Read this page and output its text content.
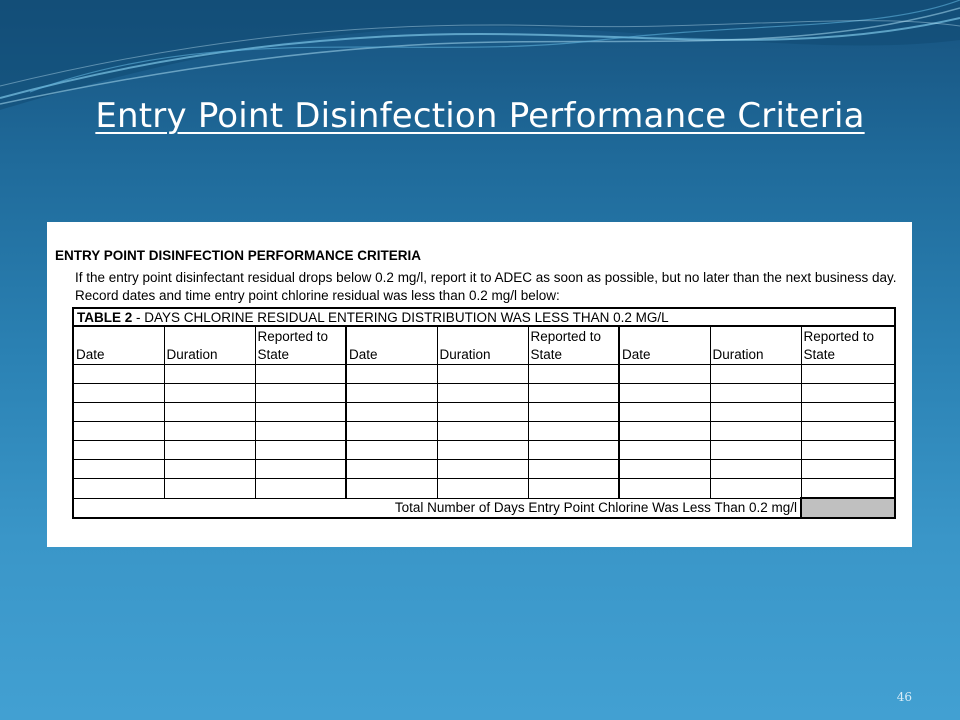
Entry Point Disinfection Performance Criteria
ENTRY POINT DISINFECTION PERFORMANCE CRITERIA
If the entry point disinfectant residual drops below 0.2 mg/l, report it to ADEC as soon as possible, but no later than the next business day. Record dates and time entry point chlorine residual was less than 0.2 mg/l below:
TABLE 2 - DAYS CHLORINE RESIDUAL ENTERING DISTRIBUTION WAS LESS THAN 0.2 MG/L								
Date	Duration	Reported to State	Date	Duration	Reported to State	Date	Duration	Reported to State

Total Number of Days Entry Point Chlorine Was Less Than 0.2 mg/l								
46
